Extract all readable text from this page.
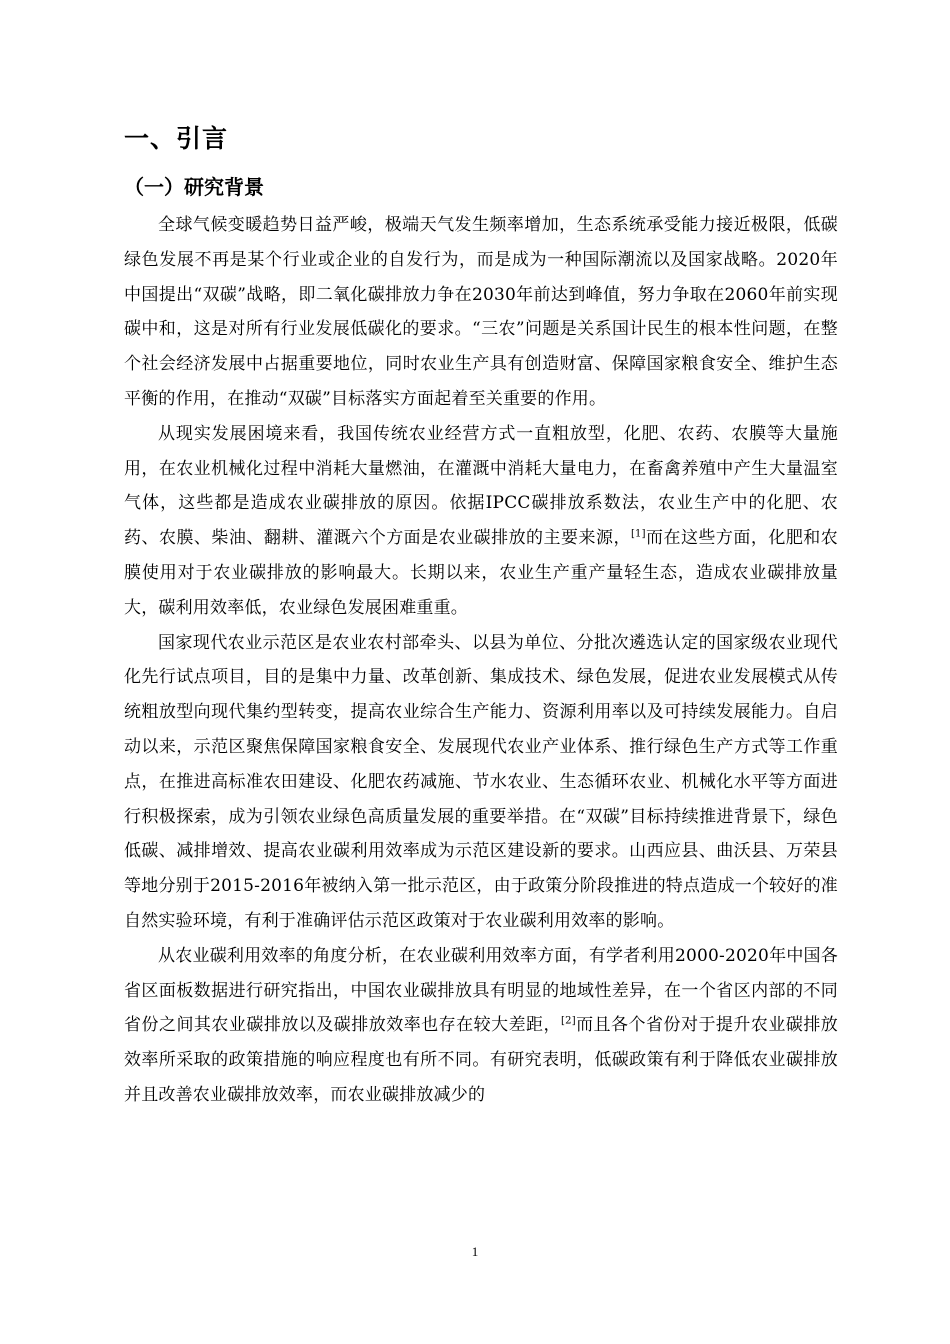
一、引言
（一）研究背景

全球气候变暖趋势日益严峻，极端天气发生频率增加，生态系统承受能力接近极限，低碳绿色发展不再是某个行业或企业的自发行为，而是成为一种国际潮流以及国家战略。2020年中国提出“双碳”战略，即二氧化碳排放力争在2030年前达到峰值，努力争取在2060年前实现碳中和，这是对所有行业发展低碳化的要求。“三农”问题是关系国计民生的根本性问题，在整个社会经济发展中占据重要地位，同时农业生产具有创造财富、保障国家粮食安全、维护生态平衡的作用，在推动“双碳”目标落实方面起着至关重要的作用。

从现实发展困境来看，我国传统农业经营方式一直粗放型，化肥、农药、农膜等大量施用，在农业机械化过程中消耗大量燃油，在灌溉中消耗大量电力，在畜禽养殖中产生大量温室气体，这些都是造成农业碳排放的原因。依据IPCC碳排放系数法，农业生产中的化肥、农药、农膜、柴油、翻耕、灌溉六个方面是农业碳排放的主要来源，[1]而在这些方面，化肥和农膜使用对于农业碳排放的影响最大。长期以来，农业生产重产量轻生态，造成农业碳排放量大，碳利用效率低，农业绿色发展困难重重。

国家现代农业示范区是农业农村部牵头、以县为单位、分批次遴选认定的国家级农业现代化先行试点项目，目的是集中力量、改革创新、集成技术、绿色发展，促进农业发展模式从传统粗放型向现代集约型转变，提高农业综合生产能力、资源利用率以及可持续发展能力。自启动以来，示范区聚焦保障国家粮食安全、发展现代农业产业体系、推行绿色生产方式等工作重点，在推进高标准农田建设、化肥农药减施、节水农业、生态循环农业、机械化水平等方面进行积极探索，成为引领农业绿色高质量发展的重要举措。在“双碳”目标持续推进背景下，绿色低碳、减排增效、提高农业碳利用效率成为示范区建设新的要求。山西应县、曲沃县、万荣县等地分别于2015-2016年被纳入第一批示范区，由于政策分阶段推进的特点造成一个较好的准自然实验环境，有利于准确评估示范区政策对于农业碳利用效率的影响。

从农业碳利用效率的角度分析，在农业碳利用效率方面，有学者利用2000-2020年中国各省区面板数据进行研究指出，中国农业碳排放具有明显的地域性差异，在一个省区内部的不同省份之间其农业碳排放以及碳排放效率也存在较大差距，[2]而且各个省份对于提升农业碳排放效率所采取的政策措施的响应程度也有所不同。有研究表明，低碳政策有利于降低农业碳排放并且改善农业碳排放效率，而农业碳排放减少的

1
